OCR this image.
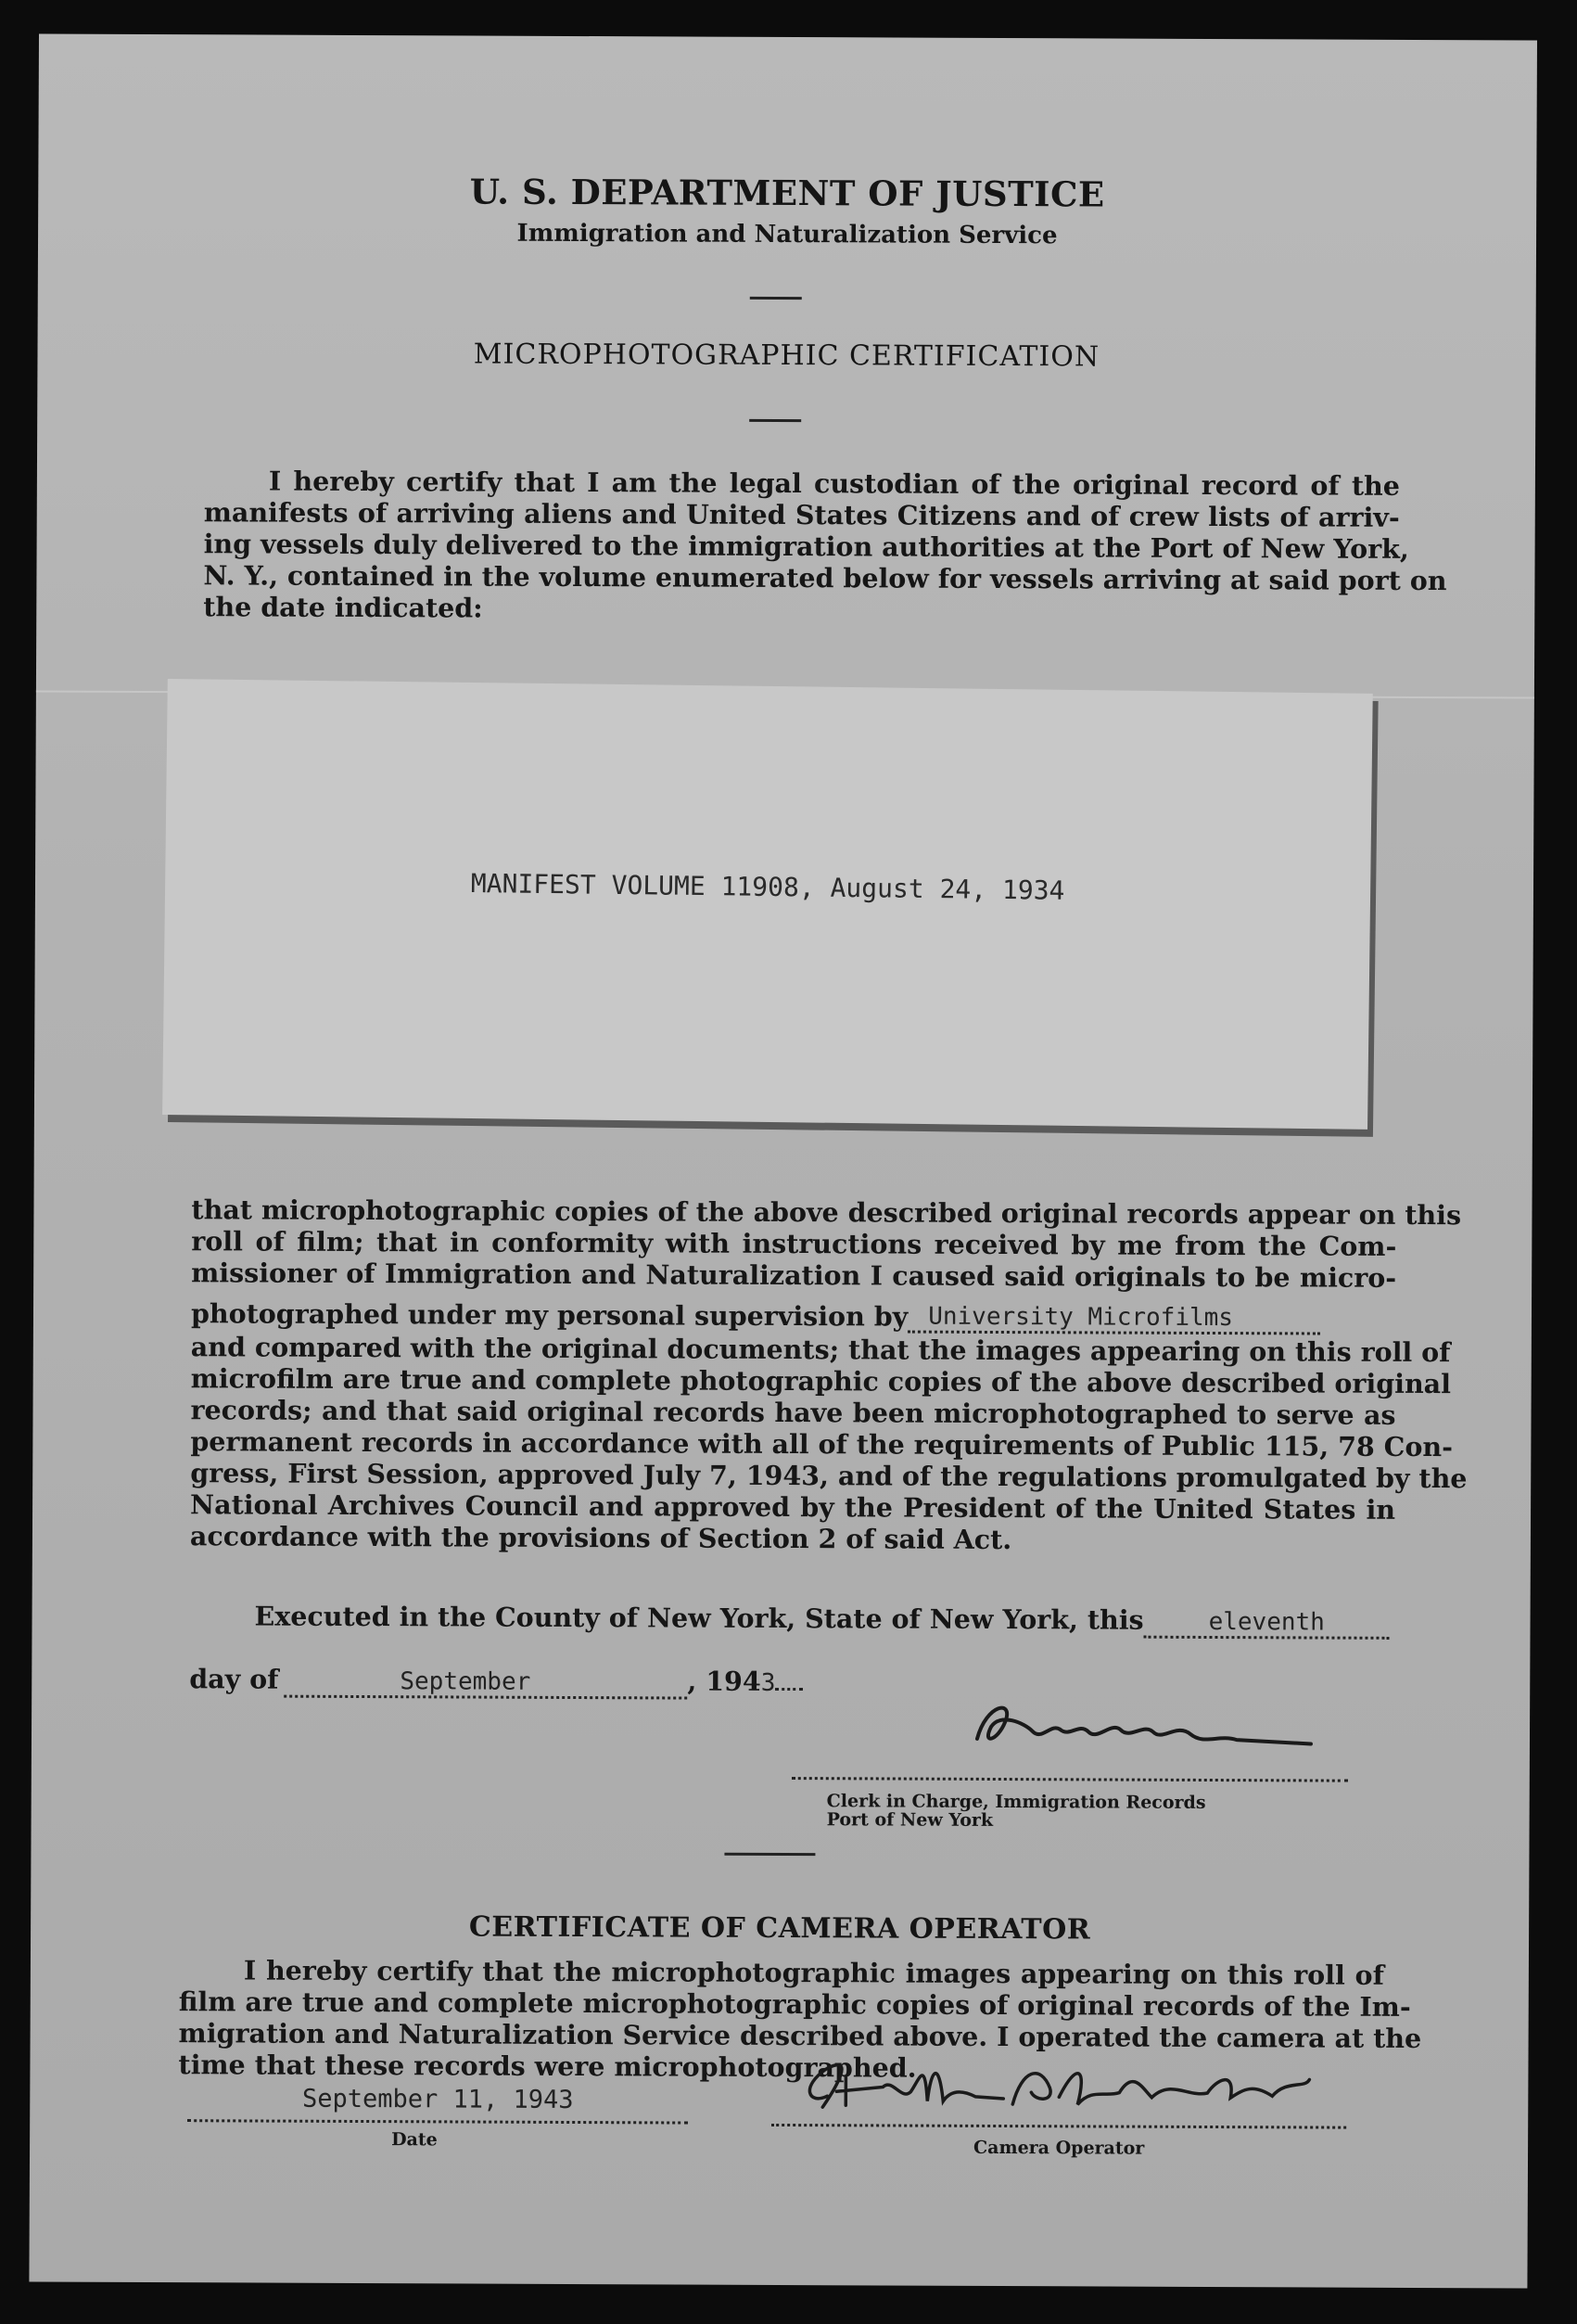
U. S. DEPARTMENT OF JUSTICE
Immigration and Naturalization Service
MICROPHOTOGRAPHIC CERTIFICATION
I hereby certify that I am the legal custodian of the original record of the
manifests of arriving aliens and United States Citizens and of crew lists of arriv-
ing vessels duly delivered to the immigration authorities at the Port of New York,
N. Y., contained in the volume enumerated below for vessels arriving at said port on
the date indicated:
MANIFEST VOLUME 11908, August 24, 1934
that microphotographic copies of the above described original records appear on this
roll of film; that in conformity with instructions received by me from the Com-
missioner of Immigration and Naturalization I caused said originals to be micro-
photographed under my personal supervision by University Microfilms
and compared with the original documents; that the images appearing on this roll of
microfilm are true and complete photographic copies of the above described original
records; and that said original records have been microphotographed to serve as
permanent records in accordance with all of the requirements of Public 115, 78 Con-
gress, First Session, approved July 7, 1943, and of the regulations promulgated by the
National Archives Council and approved by the President of the United States in
accordance with the provisions of Section 2 of said Act.
Executed in the County of New York, State of New York, this	eleventh
day of	September	, 1943
Clerk in Charge, Immigration Records
Port of New York
CERTIFICATE OF CAMERA OPERATOR
I hereby certify that the microphotographic images appearing on this roll of
film are true and complete microphotographic copies of original records of the Im-
migration and Naturalization Service described above. I operated the camera at the
time that these records were microphotographed.
September 11, 1943
Date	Camera Operator
